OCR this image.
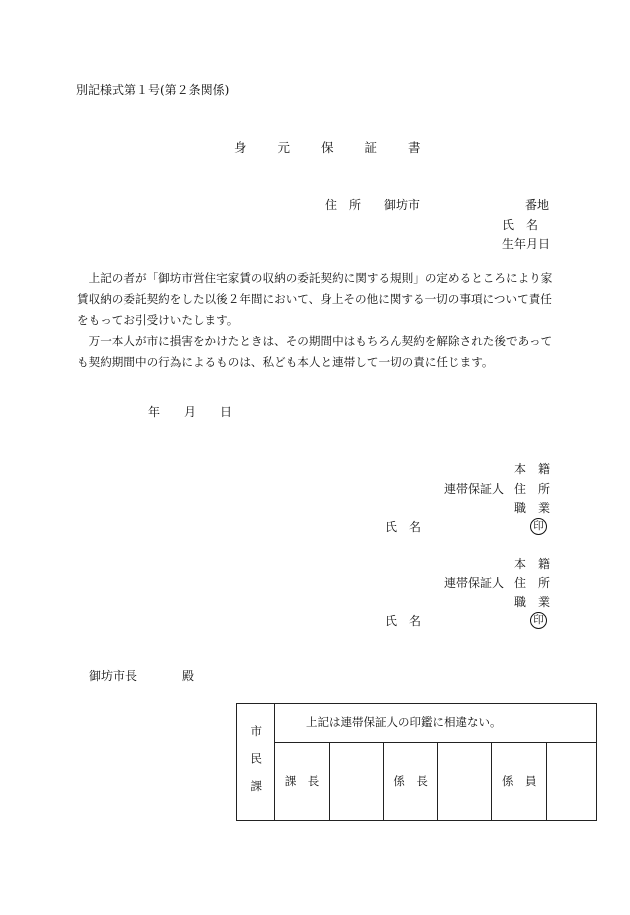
別記様式第１号(第２条関係)
身元保証書
住　所 御坊市	番地
氏　名
生年月日

上記の者が「御坊市営住宅家賃の収納の委託契約に関する規則」の定めるところにより家賃収納の委託契約をした以後２年間において、身上その他に関する一切の事項について責任をもってお引受けいたします。

万一本人が市に損害をかけたときは、その期間中はもちろん契約を解除された後であっても契約期間中の行為によるものは、私ども本人と連帯して一切の責に任じます。

年　　月　　日
本　籍
連帯保証人 住　所
職　業
氏　名	印
本　籍
連帯保証人 住　所
職　業
氏　名	印
御坊市長	殿
市民課	上記は連帯保証人の印鑑に相違ない。					
	課　長		係　長		係　員	
